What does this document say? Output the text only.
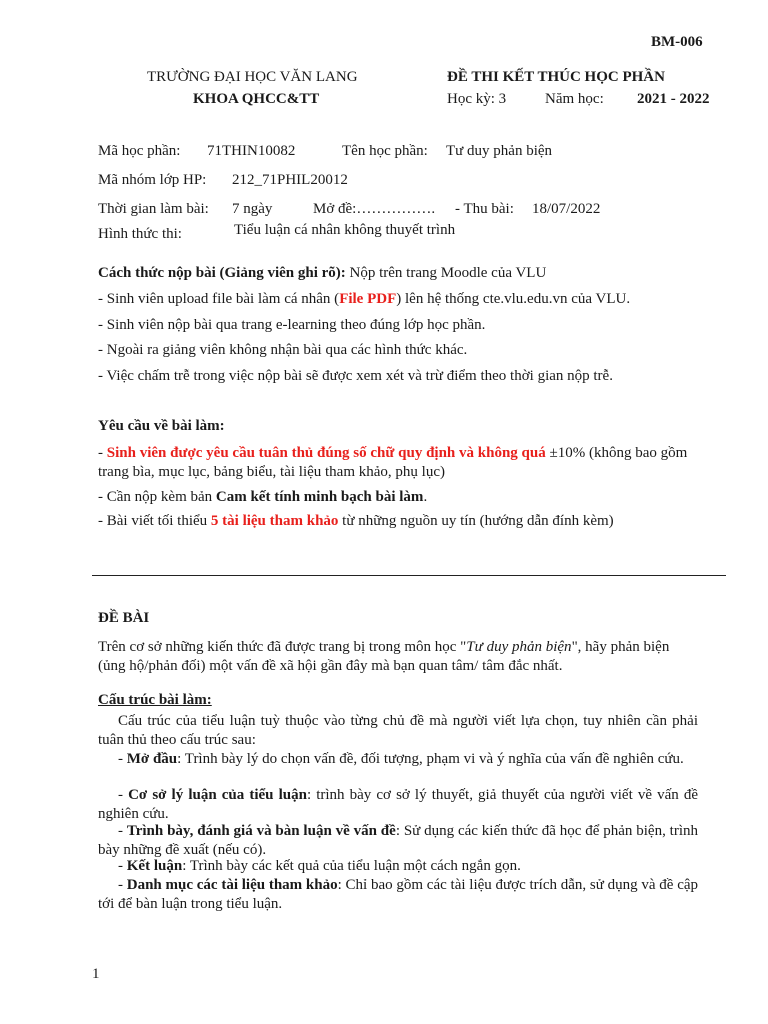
BM-006
TRƯỜNG ĐẠI HỌC VĂN LANG
KHOA QHCC&TT
ĐỀ THI KẾT THÚC HỌC PHẦN
Học kỳ: 3	Năm học: 2021 - 2022
Mã học phần: 71THIN10082	Tên học phần: Tư duy phản biện
Mã nhóm lớp HP: 212_71PHIL20012
Thời gian làm bài: 7 ngày	Mở đề:……………. - Thu bài: 18/07/2022
Hình thức thi:	Tiểu luận cá nhân không thuyết trình
Cách thức nộp bài (Giảng viên ghi rõ): Nộp trên trang Moodle của VLU
- Sinh viên upload file bài làm cá nhân (File PDF) lên hệ thống cte.vlu.edu.vn của VLU.
- Sinh viên nộp bài qua trang e-learning theo đúng lớp học phần.
- Ngoài ra giảng viên không nhận bài qua các hình thức khác.
- Việc chấm trễ trong việc nộp bài sẽ được xem xét và trừ điểm theo thời gian nộp trễ.
Yêu cầu về bài làm:
- Sinh viên được yêu cầu tuân thủ đúng số chữ quy định và không quá ±10% (không bao gồm trang bìa, mục lục, bảng biểu, tài liệu tham khảo, phụ lục)
- Cần nộp kèm bản Cam kết tính minh bạch bài làm.
- Bài viết tối thiểu 5 tài liệu tham khảo từ những nguồn uy tín (hướng dẫn đính kèm)
ĐỀ BÀI
Trên cơ sở những kiến thức đã được trang bị trong môn học "Tư duy phản biện", hãy phản biện (ủng hộ/phản đối) một vấn đề xã hội gần đây mà bạn quan tâm/ tâm đắc nhất.
Cấu trúc bài làm:
Cấu trúc của tiểu luận tuỳ thuộc vào từng chủ đề mà người viết lựa chọn, tuy nhiên cần phải tuân thủ theo cấu trúc sau:
- Mở đầu: Trình bày lý do chọn vấn đề, đối tượng, phạm vi và ý nghĩa của vấn đề nghiên cứu.
- Cơ sở lý luận của tiểu luận: trình bày cơ sở lý thuyết, giả thuyết của người viết về vấn đề nghiên cứu.
- Trình bày, đánh giá và bàn luận về vấn đề: Sử dụng các kiến thức đã học để phản biện, trình bày những đề xuất (nếu có).
- Kết luận: Trình bày các kết quả của tiểu luận một cách ngắn gọn.
- Danh mục các tài liệu tham khảo: Chỉ bao gồm các tài liệu được trích dẫn, sử dụng và đề cập tới để bàn luận trong tiểu luận.
1
